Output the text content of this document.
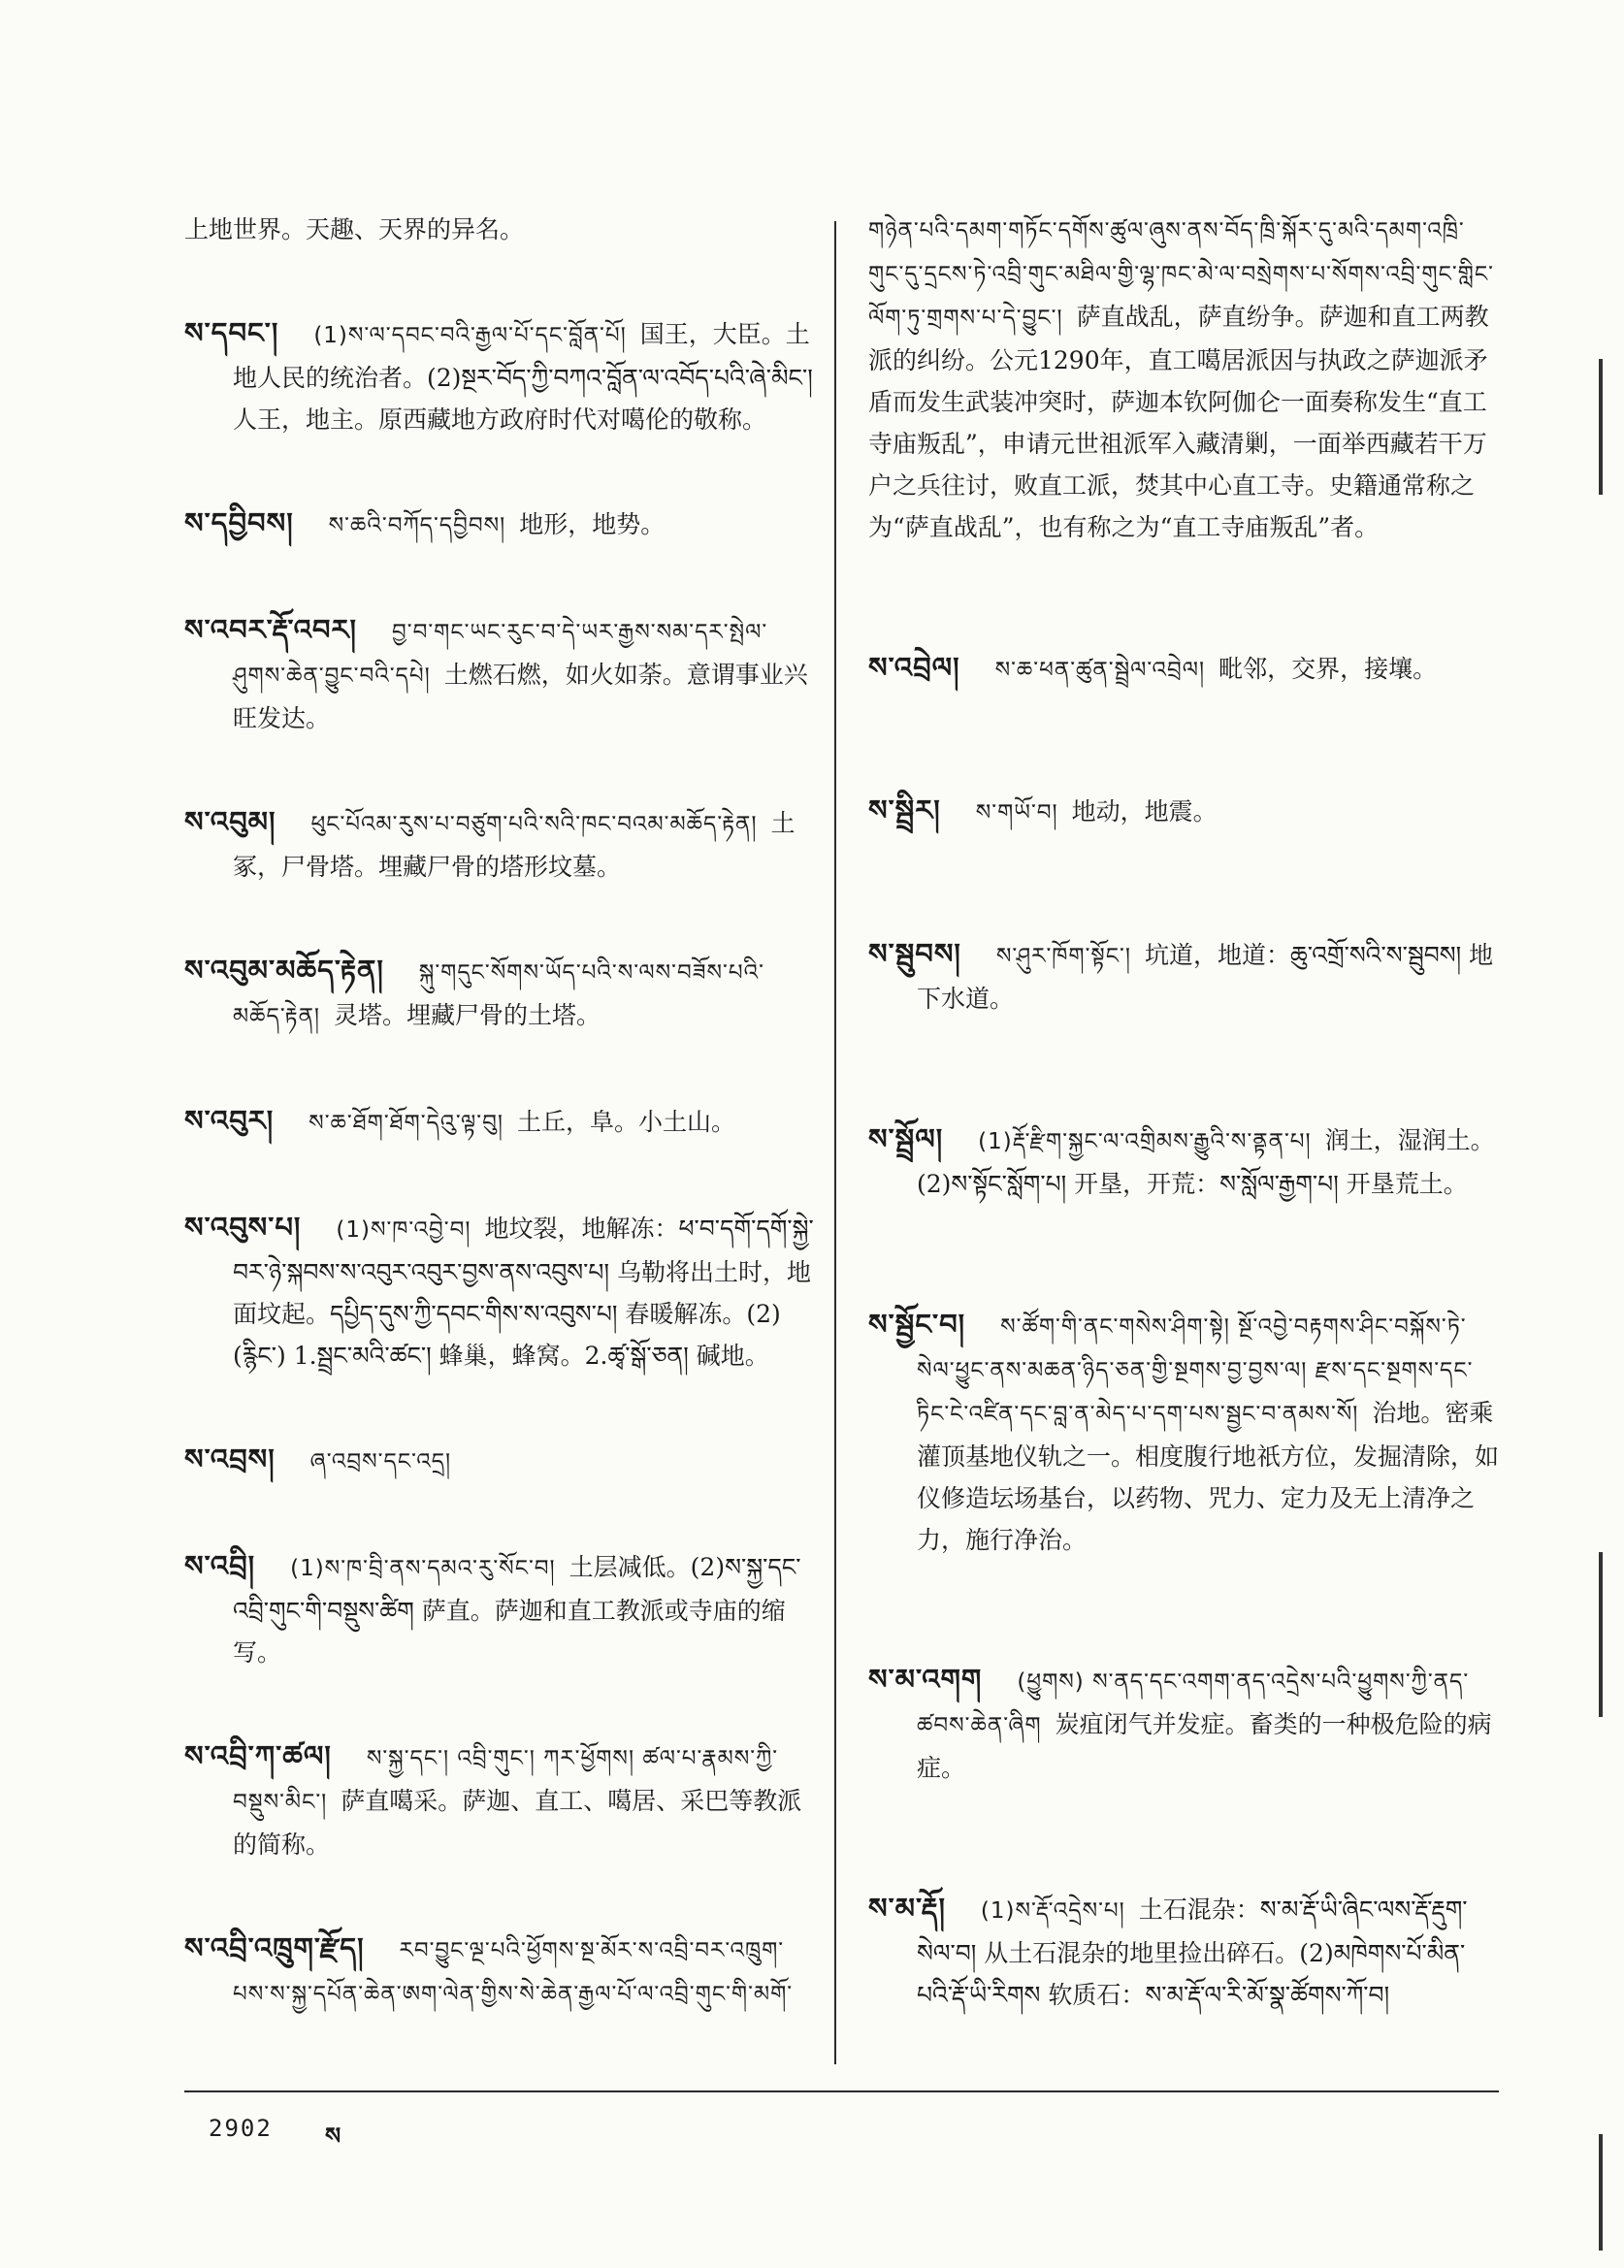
上地世界。天趣、天界的异名。
ས་དབང་། (1)ས་ལ་དབང་བའི་རྒྱལ་པོ་དང་བློན་པོ། 国王，大臣。土地人民的统治者。(2)སྔར་བོད་ཀྱི་བཀའ་བློན་ལ་འབོད་པའི་ཞེ་མིང་། 人王，地主。原西藏地方政府时代对噶伦的敬称。
ས་དབྱིབས། ས་ཆའི་བཀོད་དབྱིབས། 地形，地势。
ས་འབར་རྡོ་འབར། བྱ་བ་གང་ཡང་རུང་བ་དེ་ཡར་རྒྱས་སམ་དར་སྤེལ་ཤུགས་ཆེན་བྱུང་བའི་དཔེ། 土燃石燃，如火如荼。意谓事业兴旺发达。
ས་འབུམ། ཕུང་པོའམ་རུས་པ་བཙུག་པའི་སའི་ཁང་བའམ་མཆོད་རྟེན། 土冢，尸骨塔。埋藏尸骨的塔形坟墓。
ས་འབུམ་མཆོད་རྟེན། སྐུ་གདུང་སོགས་ཡོད་པའི་ས་ལས་བཟོས་པའི་མཆོད་རྟེན། 灵塔。埋藏尸骨的土塔。
ས་འབུར། ས་ཆ་ཐོག་ཐོག་དེའུ་ལྟ་བུ། 土丘，阜。小土山。
ས་འབུས་པ། (1)ས་ཁ་འབྱེ་བ། 地坟裂，地解冻：ཕ་བ་དགོ་དགོ་སྐྱེ་བར་ཉེ་སྐབས་ས་འབུར་འབུར་བྱས་ནས་འབུས་པ། 乌勒将出土时，地面坟起。དཔྱིད་དུས་ཀྱི་དབང་གིས་ས་འབུས་པ། 春暖解冻。(2)(རྙིང་) 1.སྦྲང་མའི་ཚང་། 蜂巢，蜂窝。2.ཚྭ་སྒོ་ཅན། 碱地。
ས་འབྲས། ཞ་འབྲས་དང་འདྲ།
ས་འབྲི། (1)ས་ཁ་བྲི་ནས་དམའ་རུ་སོང་བ། 土层减低。(2)ས་སྐྱ་དང་འབྲི་གུང་གི་བསྡུས་ཚིག 萨直。萨迦和直工教派或寺庙的缩写。
ས་འབྲི་ཀ་ཚལ། ས་སྐྱ་དང་། འབྲི་གུང་། ཀར་ཕྱོགས། ཚལ་པ་རྣམས་ཀྱི་བསྡུས་མིང་། 萨直噶采。萨迦、直工、噶居、采巴等教派的简称。
ས་འབྲི་འཁྲུག་རྫོད། རབ་བྱུང་ལྔ་པའི་ཕྱོགས་སྔ་མོར་ས་འབྲི་བར་འཁྲུག་པས་ས་སྐྱ་དཔོན་ཆེན་ཨག་ལེན་གྱིས་སེ་ཆེན་རྒྱལ་པོ་ལ་འབྲི་གུང་གི་མགོ་
གཉེན་པའི་དམག་གཏོང་དགོས་ཚུལ་ཞུས་ནས་བོད་ཁྲི་སྐོར་དུ་མའི་དམག་འཁྲི་གུང་དུ་དྲངས་ཏེ་འབྲི་གུང་མཐིལ་གྱི་ལྷ་ཁང་མེ་ལ་བསྲེགས་པ་སོགས་འབྲི་གུང་གླིང་ལོག་ཏུ་གྲགས་པ་དེ་བྱུང་། 萨直战乱，萨直纷争。萨迦和直工两教派的纠纷。公元1290年，直工噶居派因与执政之萨迦派矛盾而发生武装冲突时，萨迦本钦阿伽仑一面奏称发生“直工寺庙叛乱”，申请元世祖派军入藏清剿，一面举西藏若干万户之兵往讨，败直工派，焚其中心直工寺。史籍通常称之为“萨直战乱”，也有称之为“直工寺庙叛乱”者。
ས་འབྲེལ། ས་ཆ་ཕན་ཚུན་སྦྲེལ་འབྲེལ། 毗邻，交界，接壤。
ས་སྦྲིར། ས་གཡོ་བ། 地动，地震。
ས་སྦུབས། ས་ཤུར་ཁོག་སྟོང་། 坑道，地道：ཆུ་འགྲོ་སའི་ས་སྦུབས། 地下水道。
ས་སྦྲོལ། (1)རྡོ་རྫིག་སྐྱང་ལ་འགྲིམས་རྒྱུའི་ས་ནྟན་པ། 润土，湿润土。(2)ས་སྟོང་སློག་པ། 开垦，开荒：ས་སློལ་རྒྱག་པ། 开垦荒土。
ས་སྦྱོང་བ། ས་ཚོག་གི་ནང་གསེས་ཤིག་སྟེ། སྔོ་འབྱེ་བརྟགས་ཤིང་བསྐོས་ཏེ་སེལ་ཕྱུང་ནས་མཆན་ཉིད་ཅན་གྱི་སྔགས་བྱ་བྱས་ལ། རྫས་དང་སྔགས་དང་ཏིང་ངེ་འཛིན་དང་བླ་ན་མེད་པ་དག་པས་སྦྱང་བ་ནམས་སོ། 治地。密乘灌顶基地仪轨之一。相度腹行地祇方位，发掘清除，如仪修造坛场基台，以药物、咒力、定力及无上清净之力，施行净治。
ས་མ་འགག (ཕྱུགས) ས་ནད་དང་འགག་ནད་འདྲེས་པའི་ཕྱུགས་ཀྱི་ནད་ཚབས་ཆེན་ཞིག 炭疽闭气并发症。畜类的一种极危险的病症。
ས་མ་རྡོ། (1)ས་རྡོ་འདྲེས་པ། 土石混杂：ས་མ་རྡོ་ཡི་ཞིང་ལས་རྡོ་རྡུག་སེལ་བ། 从土石混杂的地里捡出碎石。(2)མཁེགས་པོ་མིན་པའི་རྡོ་ཡི་རིགས 软质石：ས་མ་རྡོ་ལ་རི་མོ་སྣ་ཚོགས་ཀོ་བ།
2902 ས
